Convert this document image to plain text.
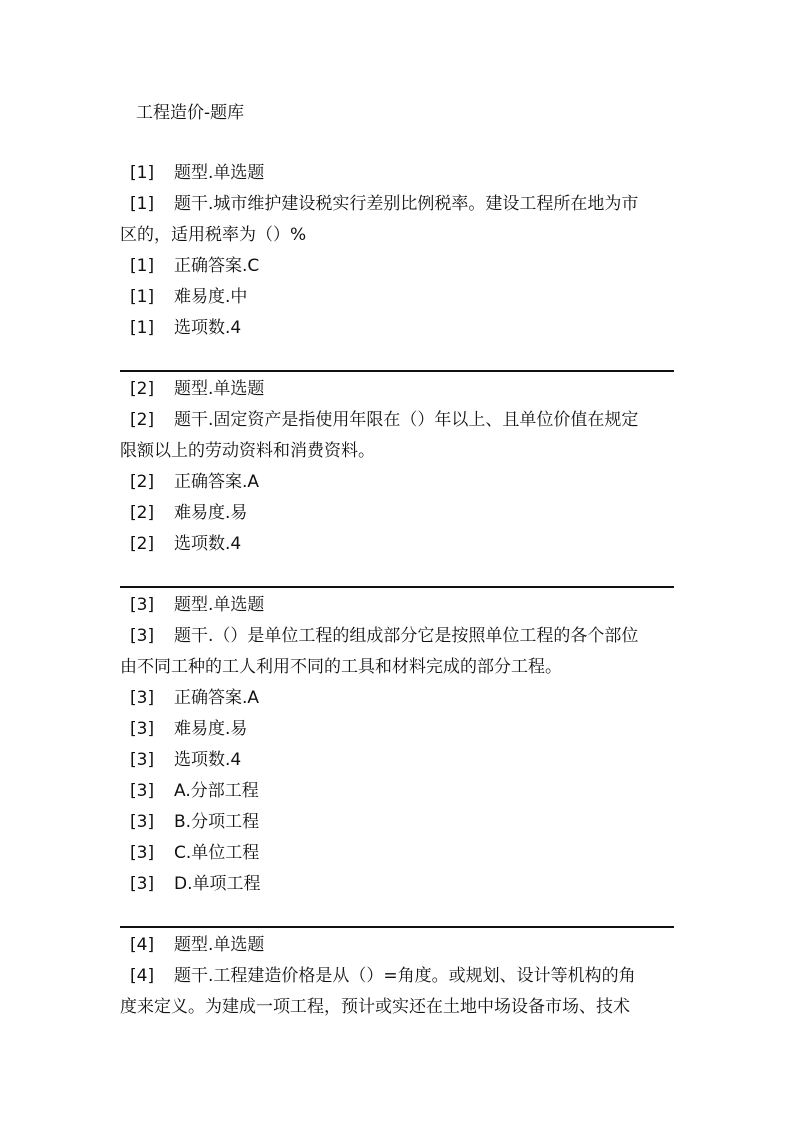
工程造价-题库
[1] 题型.单选题
[1] 题干.城市维护建设税实行差别比例税率。建设工程所在地为市
区的，适用税率为（）%
[1] 正确答案.C
[1] 难易度.中
[1] 选项数.4
[2] 题型.单选题
[2] 题干.固定资产是指使用年限在（）年以上、且单位价值在规定
限额以上的劳动资料和消费资料。
[2] 正确答案.A
[2] 难易度.易
[2] 选项数.4
[3] 题型.单选题
[3] 题干.（）是单位工程的组成部分它是按照单位工程的各个部位
由不同工种的工人利用不同的工具和材料完成的部分工程。
[3] 正确答案.A
[3] 难易度.易
[3] 选项数.4
[3] A.分部工程
[3] B.分项工程
[3] C.单位工程
[3] D.单项工程
[4] 题型.单选题
[4] 题干.工程建造价格是从（）=角度。或规划、设计等机构的角
度来定义。为建成一项工程，预计或实还在土地中场设备市场、技术
